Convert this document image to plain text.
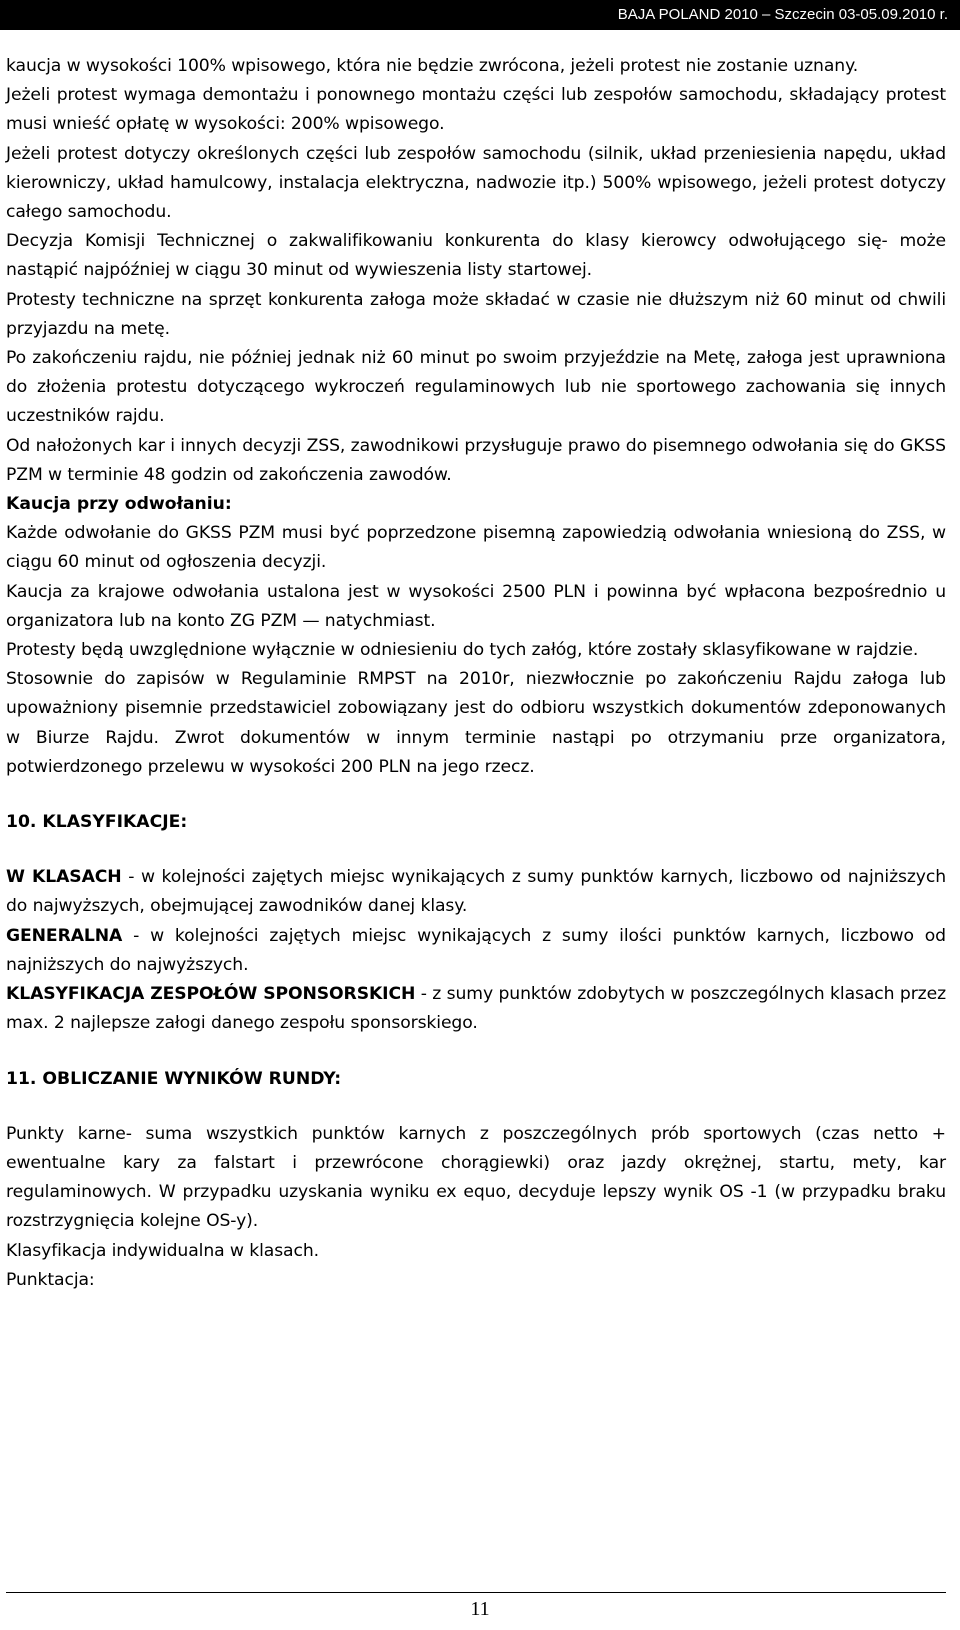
BAJA POLAND 2010 – Szczecin 03-05.09.2010 r.

kaucja w wysokości 100% wpisowego, która nie będzie zwrócona, jeżeli protest nie zostanie uznany.

Jeżeli protest wymaga demontażu i ponownego montażu części lub zespołów samochodu, składający protest musi wnieść opłatę w wysokości: 200% wpisowego.

Jeżeli protest dotyczy określonych części lub zespołów samochodu (silnik, układ przeniesienia napędu, układ kierowniczy, układ hamulcowy, instalacja elektryczna, nadwozie itp.) 500% wpisowego, jeżeli protest dotyczy całego samochodu.

Decyzja Komisji Technicznej o zakwalifikowaniu konkurenta do klasy kierowcy odwołującego się- może nastąpić najpóźniej w ciągu 30 minut od wywieszenia listy startowej.

Protesty techniczne na sprzęt konkurenta załoga może składać w czasie nie dłuższym niż 60 minut od chwili przyjazdu na metę.

Po zakończeniu rajdu, nie później jednak niż 60 minut po swoim przyjeździe na Metę, załoga jest uprawniona do złożenia protestu dotyczącego wykroczeń regulaminowych lub nie sportowego zachowania się innych uczestników rajdu.

Od nałożonych kar i innych decyzji ZSS, zawodnikowi przysługuje prawo do pisemnego odwołania się do GKSS PZM w terminie 48 godzin od zakończenia zawodów.

Kaucja przy odwołaniu:

Każde odwołanie do GKSS PZM musi być poprzedzone pisemną zapowiedzią odwołania wniesioną do ZSS, w ciągu 60 minut od ogłoszenia decyzji.

Kaucja za krajowe odwołania ustalona jest w wysokości 2500 PLN i powinna być wpłacona bezpośrednio u organizatora lub na konto ZG PZM — natychmiast.

Protesty będą uwzględnione wyłącznie w odniesieniu do tych załóg, które zostały sklasyfikowane w rajdzie.

Stosownie do zapisów w Regulaminie RMPST na 2010r, niezwłocznie po zakończeniu Rajdu załoga lub upoważniony pisemnie przedstawiciel zobowiązany jest do odbioru wszystkich dokumentów zdeponowanych w Biurze Rajdu. Zwrot dokumentów w innym terminie nastąpi po otrzymaniu prze organizatora, potwierdzonego przelewu w wysokości 200 PLN na jego rzecz.

10. KLASYFIKACJE:

W KLASACH - w kolejności zajętych miejsc wynikających z sumy punktów karnych, liczbowo od najniższych do najwyższych, obejmującej zawodników danej klasy.

GENERALNA - w kolejności zajętych miejsc wynikających z sumy ilości punktów karnych, liczbowo od najniższych do najwyższych.

KLASYFIKACJA ZESPOŁÓW SPONSORSKICH - z sumy punktów zdobytych w poszczególnych klasach przez max. 2 najlepsze załogi danego zespołu sponsorskiego.

11. OBLICZANIE WYNIKÓW RUNDY:

Punkty karne- suma wszystkich punktów karnych z poszczególnych prób sportowych (czas netto + ewentualne kary za falstart i przewrócone chorągiewki) oraz jazdy okrężnej, startu, mety, kar regulaminowych. W przypadku uzyskania wyniku ex equo, decyduje lepszy wynik OS -1 (w przypadku braku rozstrzygnięcia kolejne OS-y).

Klasyfikacja indywidualna w klasach.

Punktacja:

11
